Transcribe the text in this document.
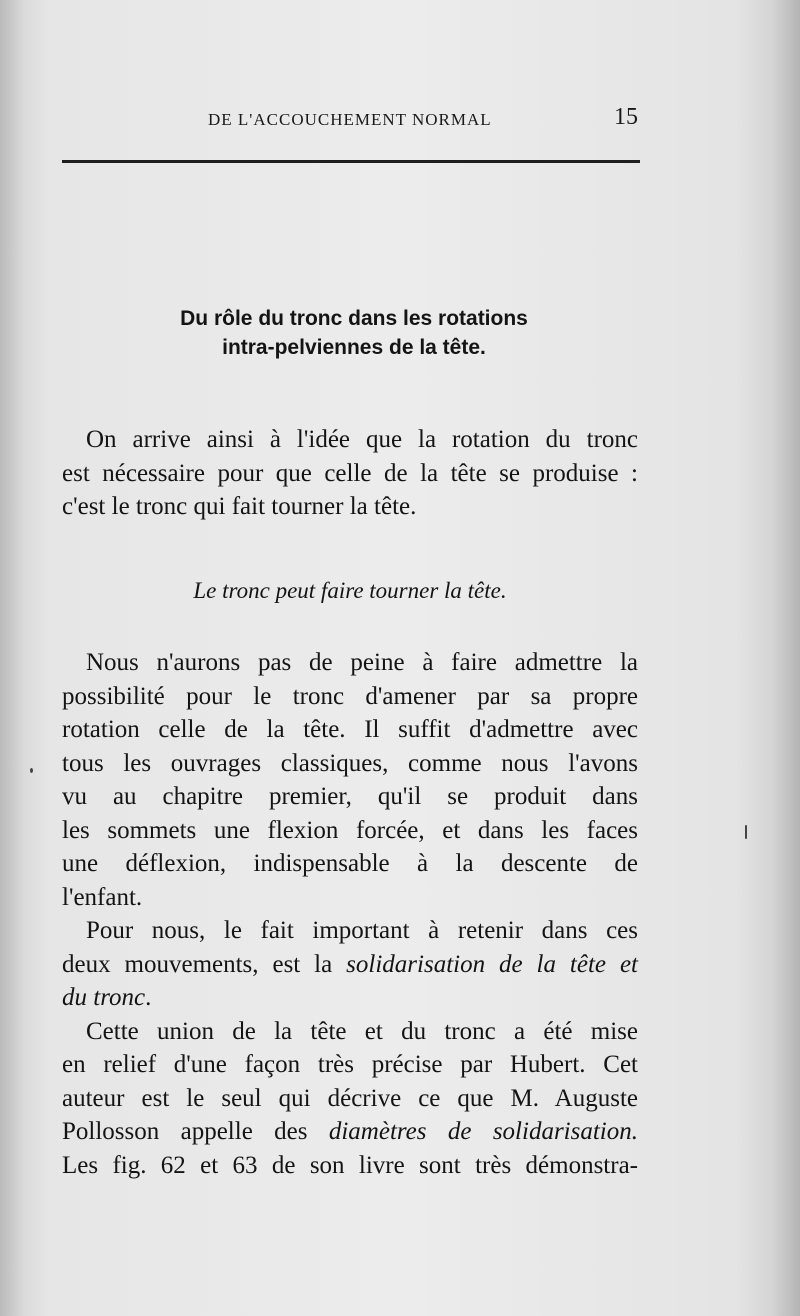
DE L'ACCOUCHEMENT NORMAL	15
Du rôle du tronc dans les rotations
intra-pelviennes de la tête.
On arrive ainsi à l'idée que la rotation du tronc
est nécessaire pour que celle de la tête se produise :
c'est le tronc qui fait tourner la tête.
Le tronc peut faire tourner la tête.
Nous n'aurons pas de peine à faire admettre la
possibilité pour le tronc d'amener par sa propre
rotation celle de la tête. Il suffit d'admettre avec
tous les ouvrages classiques, comme nous l'avons
vu au chapitre premier, qu'il se produit dans
les sommets une flexion forcée, et dans les faces
une déflexion, indispensable à la descente de
l'enfant.
Pour nous, le fait important à retenir dans ces
deux mouvements, est la solidarisation de la tête et
du tronc.
Cette union de la tête et du tronc a été mise
en relief d'une façon très précise par Hubert. Cet
auteur est le seul qui décrive ce que M. Auguste
Pollosson appelle des diamètres de solidarisation.
Les fig. 62 et 63 de son livre sont très démonstra-
